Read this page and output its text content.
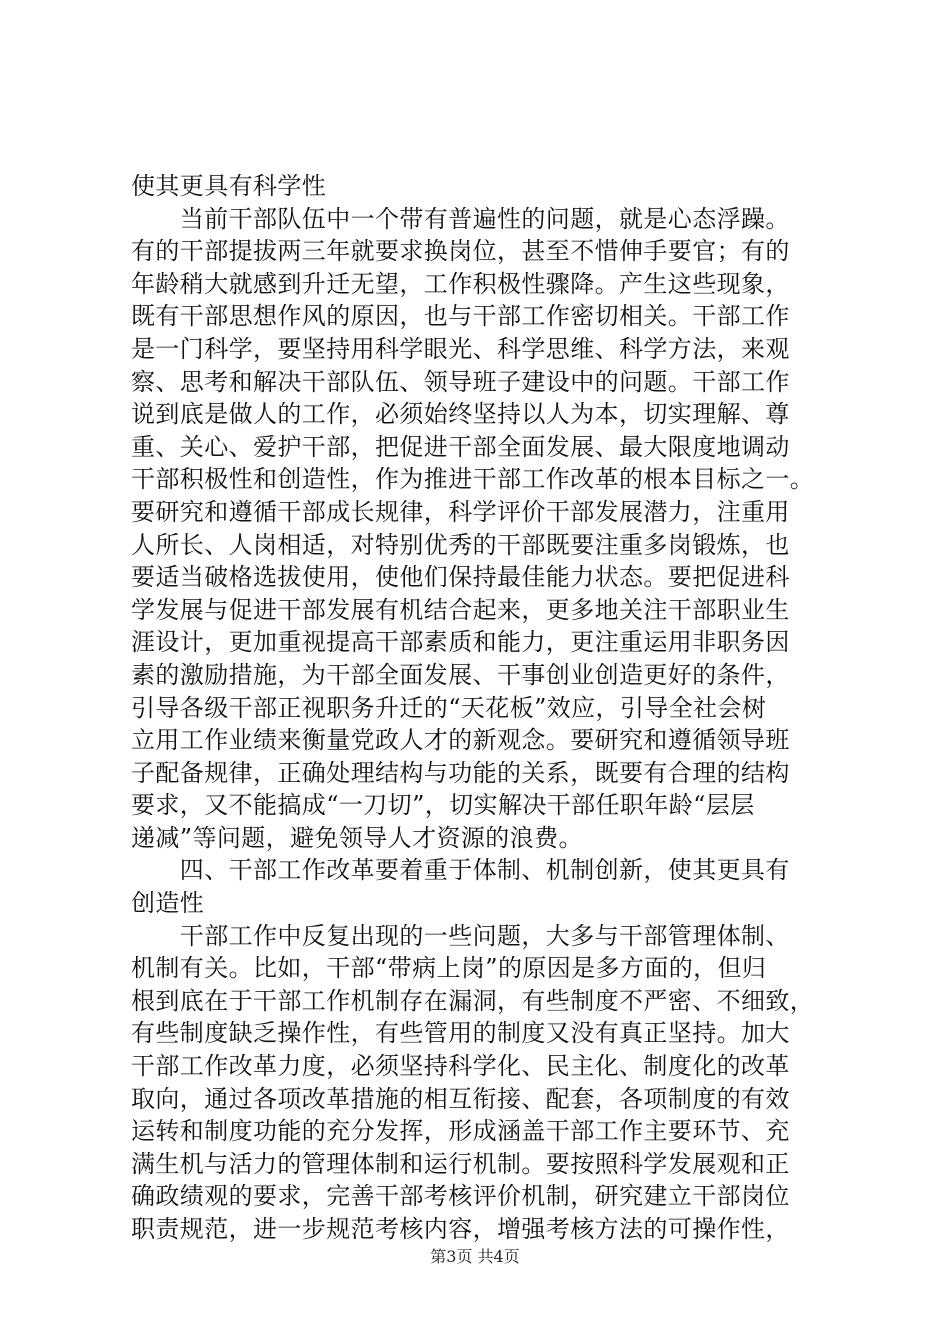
使其更具有科学性
　　当前干部队伍中一个带有普遍性的问题，就是心态浮躁。
有的干部提拔两三年就要求换岗位，甚至不惜伸手要官；有的
年龄稍大就感到升迁无望，工作积极性骤降。产生这些现象，
既有干部思想作风的原因，也与干部工作密切相关。干部工作
是一门科学，要坚持用科学眼光、科学思维、科学方法，来观
察、思考和解决干部队伍、领导班子建设中的问题。干部工作
说到底是做人的工作，必须始终坚持以人为本，切实理解、尊
重、关心、爱护干部，把促进干部全面发展、最大限度地调动
干部积极性和创造性，作为推进干部工作改革的根本目标之一。
要研究和遵循干部成长规律，科学评价干部发展潜力，注重用
人所长、人岗相适，对特别优秀的干部既要注重多岗锻炼，也
要适当破格选拔使用，使他们保持最佳能力状态。要把促进科
学发展与促进干部发展有机结合起来，更多地关注干部职业生
涯设计，更加重视提高干部素质和能力，更注重运用非职务因
素的激励措施，为干部全面发展、干事创业创造更好的条件，
引导各级干部正视职务升迁的“天花板”效应，引导全社会树
立用工作业绩来衡量党政人才的新观念。要研究和遵循领导班
子配备规律，正确处理结构与功能的关系，既要有合理的结构
要求，又不能搞成“一刀切”，切实解决干部任职年龄“层层
递减”等问题，避免领导人才资源的浪费。
　　四、干部工作改革要着重于体制、机制创新，使其更具有
创造性
　　干部工作中反复出现的一些问题，大多与干部管理体制、
机制有关。比如，干部“带病上岗”的原因是多方面的，但归
根到底在于干部工作机制存在漏洞，有些制度不严密、不细致，
有些制度缺乏操作性，有些管用的制度又没有真正坚持。加大
干部工作改革力度，必须坚持科学化、民主化、制度化的改革
取向，通过各项改革措施的相互衔接、配套，各项制度的有效
运转和制度功能的充分发挥，形成涵盖干部工作主要环节、充
满生机与活力的管理体制和运行机制。要按照科学发展观和正
确政绩观的要求，完善干部考核评价机制，研究建立干部岗位
职责规范，进一步规范考核内容，增强考核方法的可操作性，
第3页 共4页
